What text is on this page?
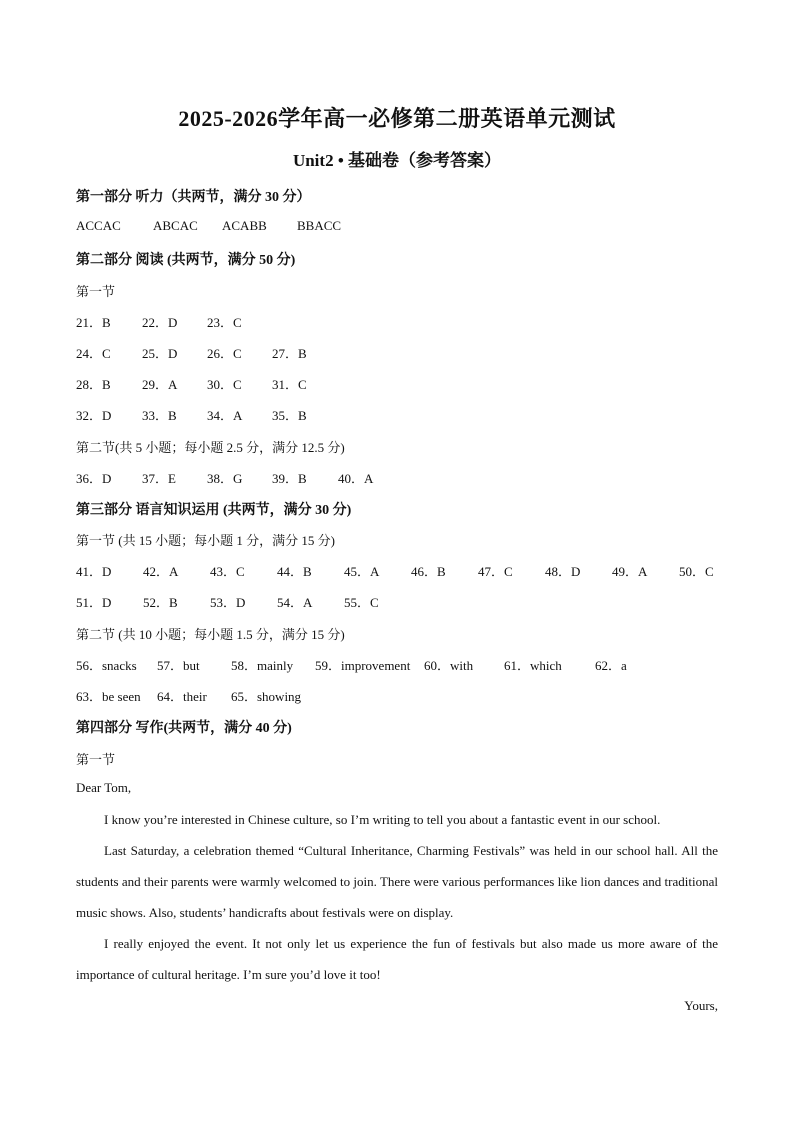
2025-2026学年高一必修第二册英语单元测试
Unit2 • 基础卷（参考答案）
第一部分 听力（共两节，满分 30 分）
ACCAC	ABCAC	ACABB	BBACC
第二部分 阅读 (共两节，满分 50 分)
第一节
21．B	22．D	23．C
24．C	25．D	26．C	27．B
28．B	29．A	30．C	31．C
32．D	33．B	34．A	35．B
第二节(共 5 小题；每小题 2.5 分，满分 12.5 分)
36．D	37．E	38．G	39．B	40．A
第三部分 语言知识运用 (共两节，满分 30 分)
第一节 (共 15 小题；每小题 1 分，满分 15 分)
41．D	42．A	43．C	44．B	45．A	46．B	47．C	48．D	49．A	50．C
51．D	52．B	53．D	54．A	55．C
第二节 (共 10 小题；每小题 1.5 分，满分 15 分)
56．snacks	57．but	58．mainly	59．improvement	60．with	61．which	62．a
63．be seen	64．their	65．showing
第四部分 写作(共两节，满分 40 分)
第一节
Dear Tom,
I know you’re interested in Chinese culture, so I’m writing to tell you about a fantastic event in our school.
Last Saturday, a celebration themed “Cultural Inheritance, Charming Festivals” was held in our school hall. All the students and their parents were warmly welcomed to join. There were various performances like lion dances and traditional music shows. Also, students’ handicrafts about festivals were on display.
I really enjoyed the event. It not only let us experience the fun of festivals but also made us more aware of the importance of cultural heritage. I’m sure you’d love it too!
Yours,
